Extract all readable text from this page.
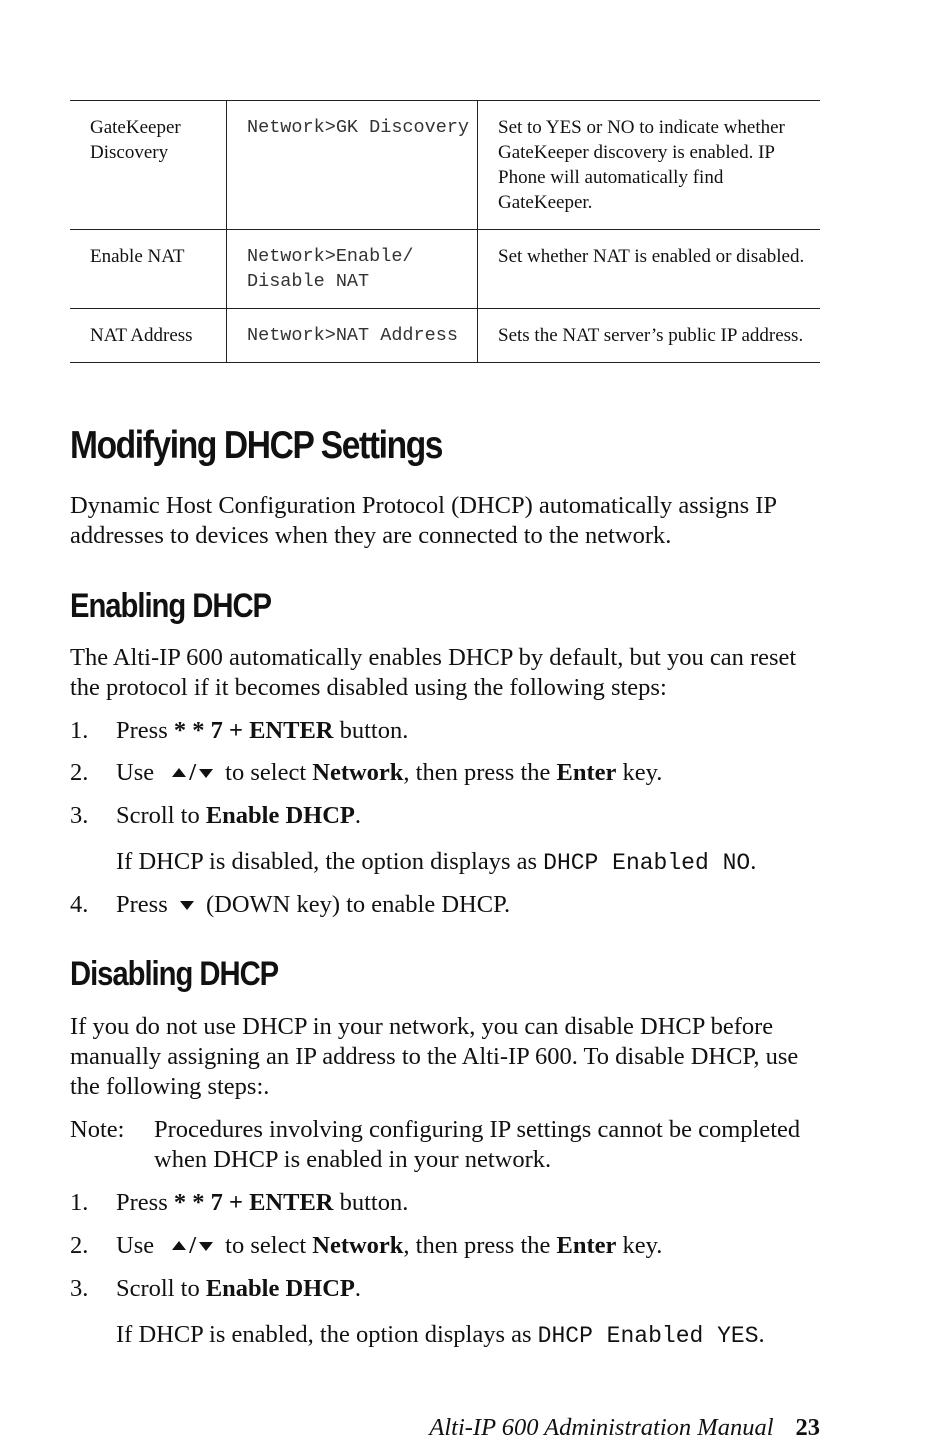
GateKeeper Discovery	Network>GK Discovery	Set to YES or NO to indicate whether GateKeeper discovery is enabled. IP Phone will automatically find GateKeeper.
Enable NAT	Network>Enable/ Disable NAT	Set whether NAT is enabled or disabled.
NAT Address	Network>NAT Address	Sets the NAT server’s public IP address.
Modifying DHCP Settings

Dynamic Host Configuration Protocol (DHCP) automatically assigns IP addresses to devices when they are connected to the network.

Enabling DHCP

The Alti-IP 600 automatically enables DHCP by default, but you can reset the protocol if it becomes disabled using the following steps:

1. Press * * 7 + ENTER button.
2. Use / to select Network, then press the Enter key.
3. Scroll to Enable DHCP.
If DHCP is disabled, the option displays as DHCP Enabled NO.
4. Press  (DOWN key) to enable DHCP.
Disabling DHCP

If you do not use DHCP in your network, you can disable DHCP before manually assigning an IP address to the Alti-IP 600. To disable DHCP, use the following steps:.

Note: Procedures involving configuring IP settings cannot be completed when DHCP is enabled in your network.
1. Press * * 7 + ENTER button.
2. Use / to select Network, then press the Enter key.
3. Scroll to Enable DHCP.
If DHCP is enabled, the option displays as DHCP Enabled YES.
Alti-IP 600 Administration Manual 23
